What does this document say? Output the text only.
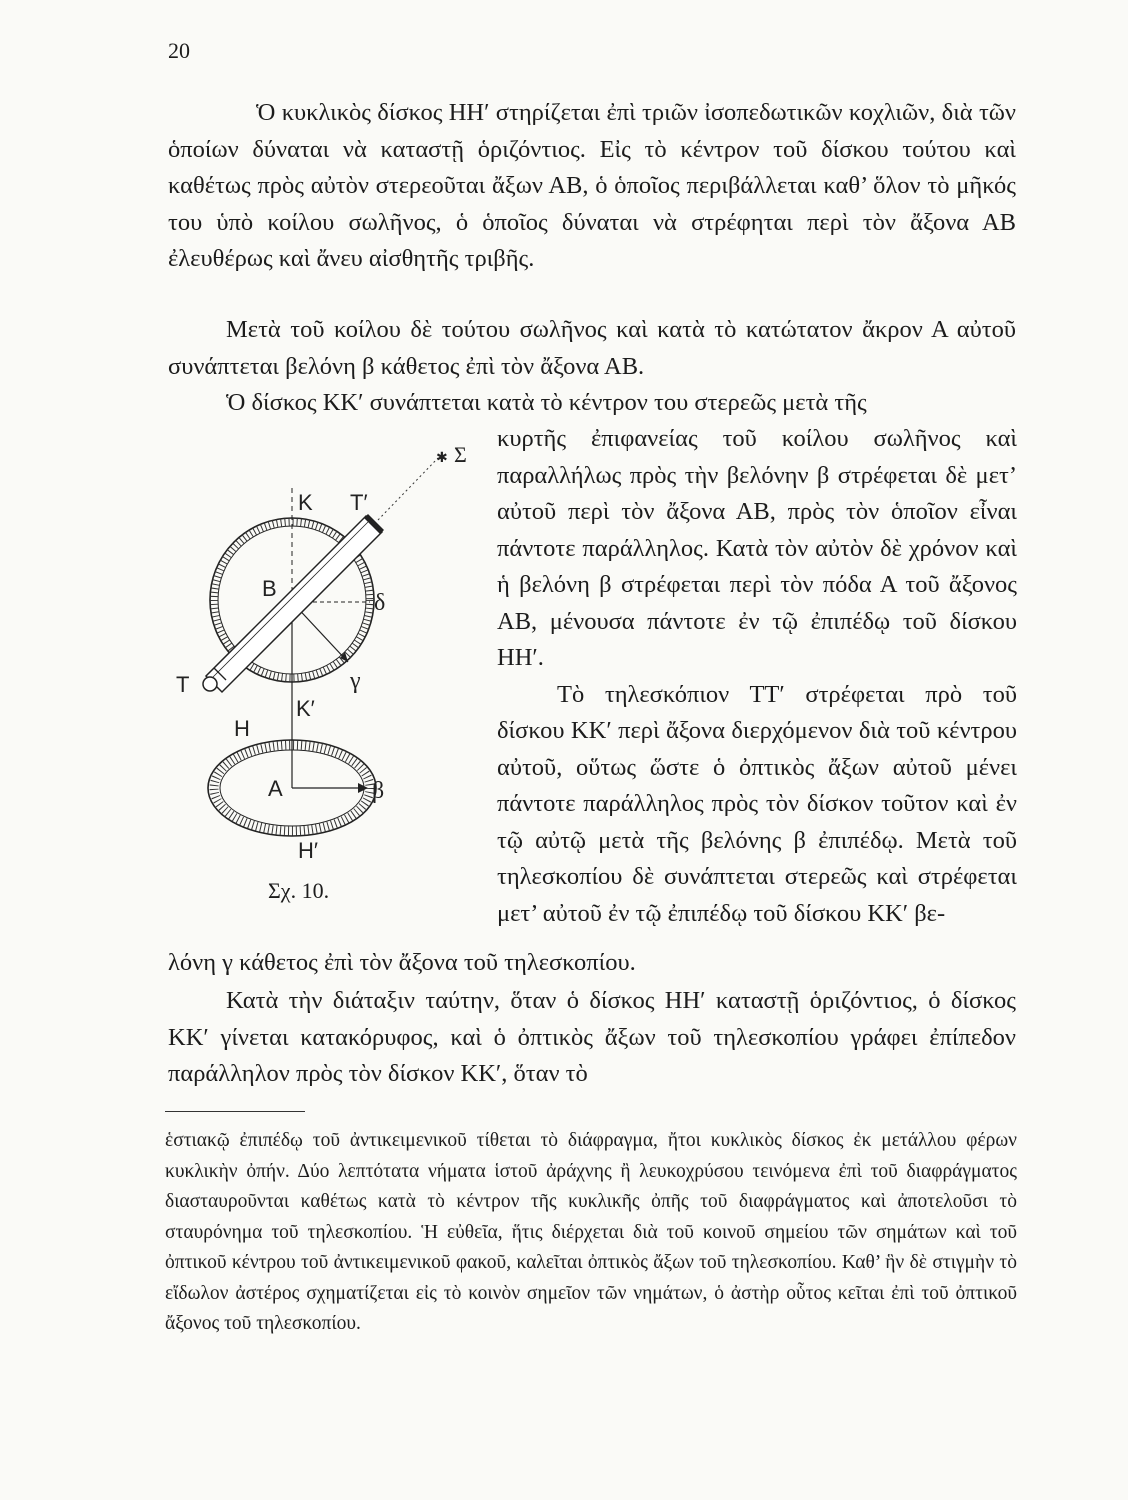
20

Ὁ κυκλικὸς δίσκος ΗΗ′ στηρίζεται ἐπὶ τριῶν ἰσοπεδωτικῶν κοχλιῶν, διὰ τῶν ὁποίων δύναται νὰ καταστῇ ὁριζόντιος. Εἰς τὸ κέντρον τοῦ δίσκου τούτου καὶ καθέτως πρὸς αὐτὸν στερεοῦται ἄξων ΑΒ, ὁ ὁποῖος περιβάλλεται καθ’ ὅλον τὸ μῆκός του ὑπὸ κοίλου σωλῆνος, ὁ ὁποῖος δύναται νὰ στρέφηται περὶ τὸν ἄξονα ΑΒ ἐλευθέρως καὶ ἄνευ αἰσθητῆς τριβῆς.

Μετὰ τοῦ κοίλου δὲ τούτου σωλῆνος καὶ κατὰ τὸ κατώτατον ἄκρον Α αὐτοῦ συνάπτεται βελόνη β κάθετος ἐπὶ τὸν ἄξονα ΑΒ.

Ὁ δίσκος ΚΚ′ συνάπτεται κατὰ τὸ κέντρον του στερεῶς μετὰ τῆς

κυρτῆς ἐπιφανείας τοῦ κοίλου σωλῆνος καὶ παραλλήλως πρὸς τὴν βελόνην β στρέφεται δὲ μετ’ αὐτοῦ περὶ τὸν ἄξονα ΑΒ, πρὸς τὸν ὁποῖον εἶναι πάντοτε παράλληλος. Κατὰ τὸν αὐτὸν δὲ χρόνον καὶ ἡ βελόνη β στρέφεται περὶ τὸν πόδα Α τοῦ ἄξονος ΑΒ, μένουσα πάντοτε ἐν τῷ ἐπιπέδῳ τοῦ δίσκου ΗΗ′.

Τὸ τηλεσκόπιον ΤΤ′ στρέφεται πρὸ τοῦ δίσκου ΚΚ′ περὶ ἄξονα διερχόμενον διὰ τοῦ κέντρου αὐτοῦ, οὕτως ὥστε ὁ ὀπτικὸς ἄξων αὐτοῦ μένει πάντοτε παράλληλος πρὸς τὸν δίσκον τοῦτον καὶ ἐν τῷ αὐτῷ μετὰ τῆς βελόνης β ἐπιπέδῳ. Μετὰ τοῦ τηλεσκοπίου δὲ συνάπτεται στερεῶς καὶ στρέφεται μετ’ αὐτοῦ ἐν τῷ ἐπιπέδῳ τοῦ δίσκου ΚΚ′ βε-

λόνη γ κάθετος ἐπὶ τὸν ἄξονα τοῦ τηλεσκοπίου.

Κατὰ τὴν διάταξιν ταύτην, ὅταν ὁ δίσκος ΗΗ′ καταστῇ ὁριζόντιος, ὁ δίσκος ΚΚ′ γίνεται κατακόρυφος, καὶ ὁ ὀπτικὸς ἄξων τοῦ τηλεσκοπίου γράφει ἐπίπεδον παράλληλον πρὸς τὸν δίσκον ΚΚ′, ὅταν τὸ

✱ Σ
K T′
B
δ
T	γ
K′
H
A	β
H′
Σχ. 10.

ἑστιακῷ ἐπιπέδῳ τοῦ ἀντικειμενικοῦ τίθεται τὸ διάφραγμα, ἤτοι κυκλικὸς δίσκος ἐκ μετάλλου φέρων κυκλικὴν ὀπήν. Δύο λεπτότατα νήματα ἱστοῦ ἀράχνης ἢ λευκοχρύσου τεινόμενα ἐπὶ τοῦ διαφράγματος διασταυροῦνται καθέτως κατὰ τὸ κέντρον τῆς κυκλικῆς ὀπῆς τοῦ διαφράγματος καὶ ἀποτελοῦσι τὸ σταυρόνημα τοῦ τηλεσκοπίου. Ἡ εὐθεῖα, ἥτις διέρχεται διὰ τοῦ κοινοῦ σημείου τῶν σημάτων καὶ τοῦ ὀπτικοῦ κέντρου τοῦ ἀντικειμενικοῦ φακοῦ, καλεῖται ὀπτικὸς ἄξων τοῦ τηλεσκοπίου. Καθ’ ἣν δὲ στιγμὴν τὸ εἴδωλον ἀστέρος σχηματίζεται εἰς τὸ κοινὸν σημεῖον τῶν νημάτων, ὁ ἀστὴρ οὗτος κεῖται ἐπὶ τοῦ ὀπτικοῦ ἄξονος τοῦ τηλεσκοπίου.
